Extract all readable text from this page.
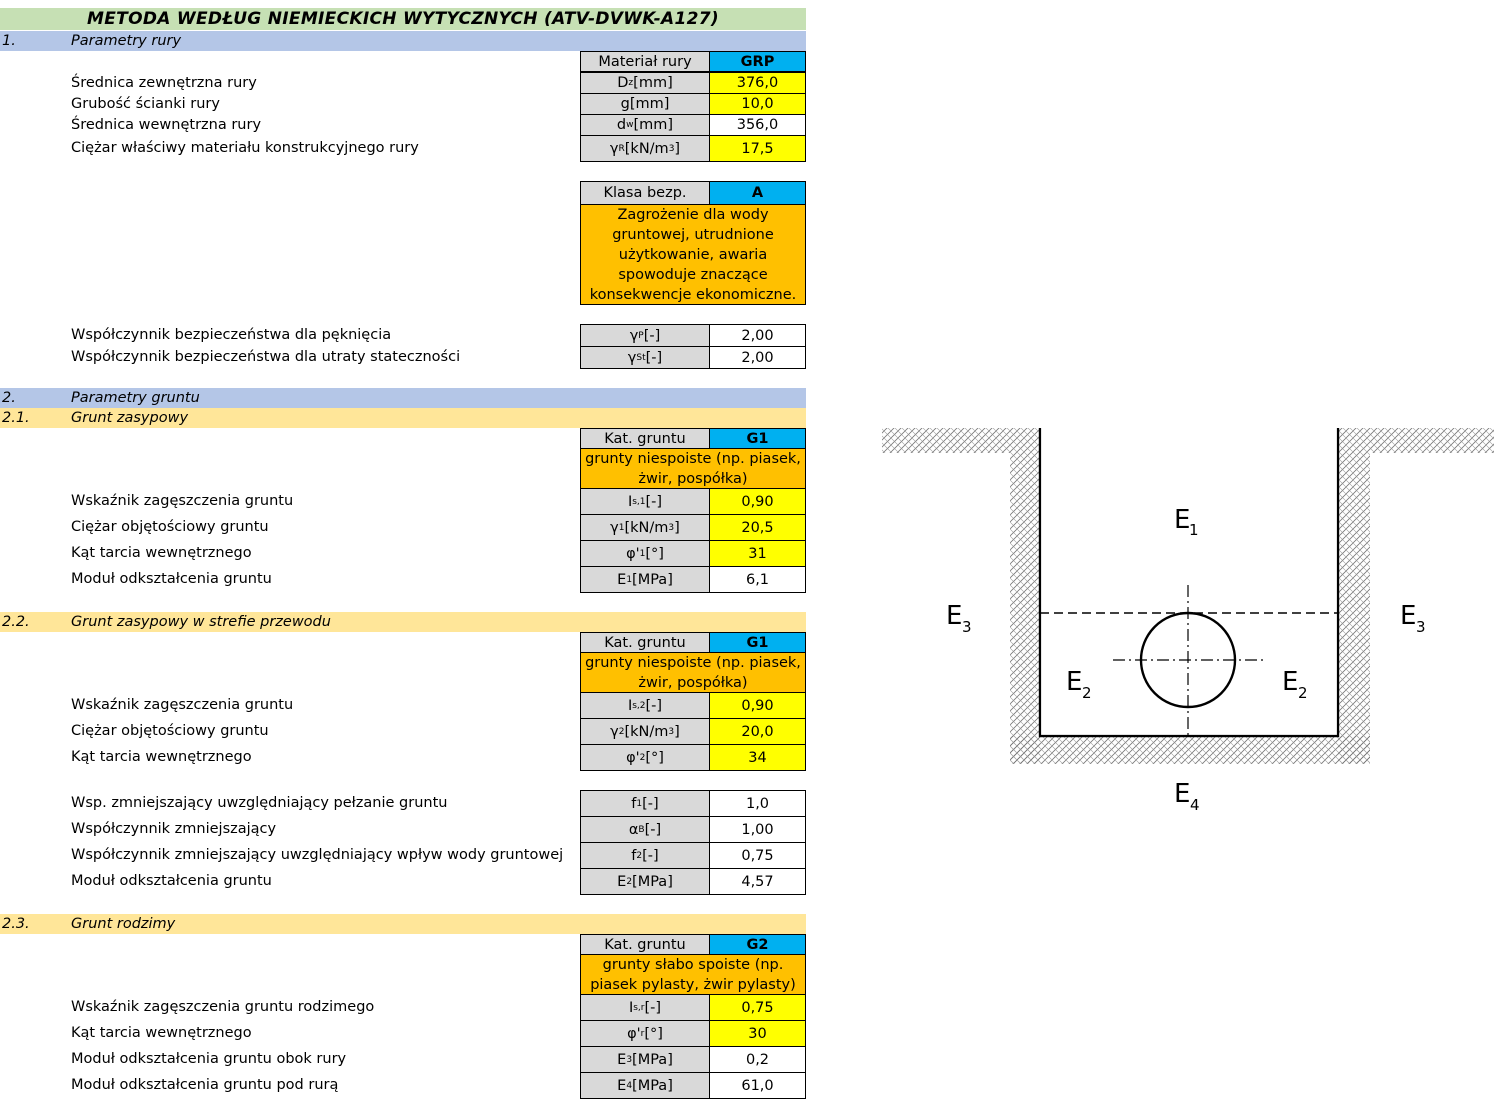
METODA WEDŁUG NIEMIECKICH WYTYCZNYCH (ATV-DVWK-A127)
1.	Parametry rury
Materiał rury	GRP
Klasa bezp.	A
Zagrożenie dla wody gruntowej, utrudnione użytkowanie, awaria spowoduje znaczące konsekwencje ekonomiczne.
2.	Parametry gruntu
2.1.	Grunt zasypowy
Kat. gruntu	G1
grunty niespoiste (np. piasek, żwir, pospółka)
2.2.	Grunt zasypowy w strefie przewodu
Kat. gruntu	G1
grunty niespoiste (np. piasek, żwir, pospółka)
2.3.	Grunt rodzimy
Kat. gruntu	G2
grunty słabo spoiste (np. piasek pylasty, żwir pylasty)
E
1
E 2	E 2
E 3	E 3
E 4
Średnica zewnętrzna rury	D z [mm]	376,0
Grubość ścianki rury	g [mm]	10,0
Średnica wewnętrzna rury	d w [mm]	356,0
Ciężar właściwy materiału konstrukcyjnego rury	γ R [kN/m 3 ]	17,5
Współczynnik bezpieczeństwa dla pęknięcia	γ P [-]	2,00
Współczynnik bezpieczeństwa dla utraty stateczności	γ St [-]	2,00
Wskaźnik zagęszczenia gruntu	I s,1 [-]	0,90
Ciężar objętościowy gruntu	γ 1 [kN/m 3 ]	20,5
Kąt tarcia wewnętrznego	φ' 1 [°]	31
Moduł odkształcenia gruntu	E 1 [MPa]	6,1
Wskaźnik zagęszczenia gruntu	I s,2 [-]	0,90
Ciężar objętościowy gruntu	γ 2 [kN/m 3 ]	20,0
Kąt tarcia wewnętrznego	φ' 2 [°]	34
Wsp. zmniejszający uwzględniający pełzanie gruntu	f 1 [-]	1,0
Współczynnik zmniejszający	α B [-]	1,00
Współczynnik zmniejszający uwzględniający wpływ wody gruntowej	f 2 [-]	0,75
Moduł odkształcenia gruntu	E 2 [MPa]	4,57
Wskaźnik zagęszczenia gruntu rodzimego	I s,r [-]	0,75
Kąt tarcia wewnętrznego	φ' r [°]	30
Moduł odkształcenia gruntu obok rury	E 3 [MPa]	0,2
Moduł odkształcenia gruntu pod rurą	E 4 [MPa]	61,0
